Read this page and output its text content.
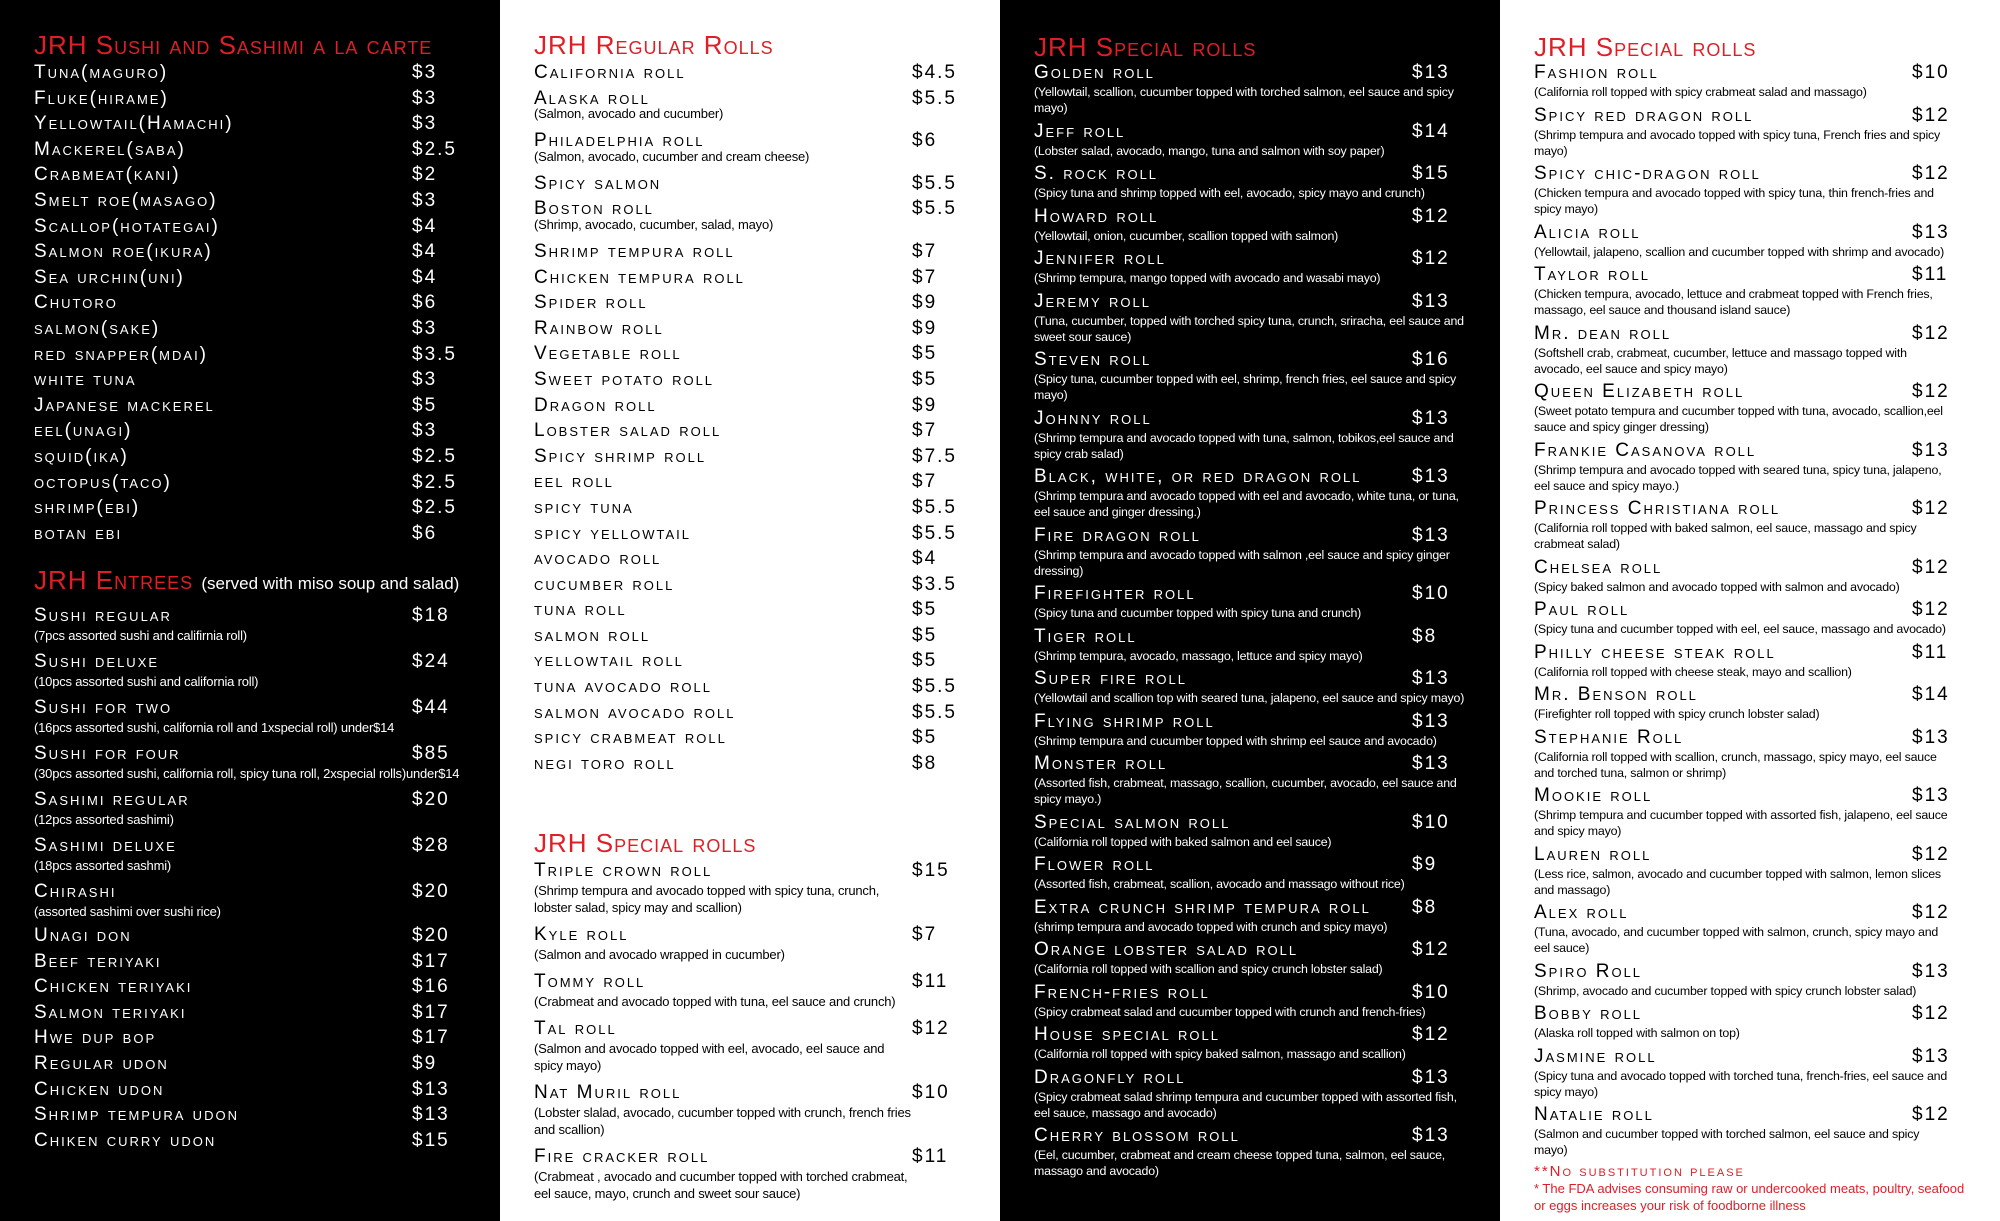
JRH Sushi and Sashimi a la carte
Tuna(maguro)	$3
Fluke(hirame)	$3
Yellowtail(Hamachi)	$3
Mackerel(saba)	$2.5
Crabmeat(kani)	$2
Smelt roe(masago)	$3
Scallop(hotategai)	$4
Salmon roe(ikura)	$4
Sea urchin(uni)	$4
Chutoro	$6
salmon(sake)	$3
red snapper(mdai)	$3.5
white tuna	$3
Japanese mackerel	$5
eel(unagi)	$3
squid(ika)	$2.5
octopus(taco)	$2.5
shrimp(ebi)	$2.5
botan ebi	$6
JRH Entrees (served with miso soup and salad)
Sushi regular	$18
(7pcs assorted sushi and califirnia roll)
Sushi deluxe	$24
(10pcs assorted sushi and california roll)
Sushi for two	$44
(16pcs assorted sushi, california roll and 1xspecial roll) under$14
Sushi for four	$85
(30pcs assorted sushi, california roll, spicy tuna roll, 2xspecial rolls)under$14
Sashimi regular	$20
(12pcs assorted sashimi)
Sashimi deluxe	$28
(18pcs assorted sashmi)
Chirashi	$20
(assorted sashimi over sushi rice)
Unagi don	$20
Beef teriyaki	$17
Chicken teriyaki	$16
Salmon teriyaki	$17
Hwe dup bop	$17
Regular udon	$9
Chicken udon	$13
Shrimp tempura udon	$13
Chiken curry udon	$15
JRH Regular Rolls
California roll	$4.5
Alaska roll	$5.5
(Salmon, avocado and cucumber)
Philadelphia roll	$6
(Salmon, avocado, cucumber and cream cheese)
Spicy salmon	$5.5
Boston roll	$5.5
(Shrimp, avocado, cucumber, salad, mayo)
Shrimp tempura roll	$7
Chicken tempura roll	$7
Spider roll	$9
Rainbow roll	$9
Vegetable roll	$5
Sweet potato roll	$5
Dragon roll	$9
Lobster salad roll	$7
Spicy shrimp roll	$7.5
eel roll	$7
spicy tuna	$5.5
spicy yellowtail	$5.5
avocado roll	$4
cucumber roll	$3.5
tuna roll	$5
salmon roll	$5
yellowtail roll	$5
tuna avocado roll	$5.5
salmon avocado roll	$5.5
spicy crabmeat roll	$5
negi toro roll	$8
JRH Special rolls
Triple crown roll	$15
(Shrimp tempura and avocado topped with spicy tuna, crunch, lobster salad, spicy may and scallion)
Kyle roll	$7
(Salmon and avocado wrapped in cucumber)
Tommy roll	$11
(Crabmeat and avocado topped with tuna, eel sauce and crunch)
Tal roll	$12
(Salmon and avocado topped with eel, avocado, eel sauce and spicy mayo)
Nat Muril roll	$10
(Lobster slalad, avocado, cucumber topped with crunch, french fries and scallion)
Fire cracker roll	$11
(Crabmeat , avocado and cucumber topped with torched crabmeat, eel sauce, mayo, crunch and sweet sour sauce)
JRH Special rolls
Golden roll	$13
(Yellowtail, scallion, cucumber topped with torched salmon, eel sauce and spicy mayo)
Jeff roll	$14
(Lobster salad, avocado, mango, tuna and salmon with soy paper)
S. rock roll	$15
(Spicy tuna and shrimp topped with eel, avocado, spicy mayo and crunch)
Howard roll	$12
(Yellowtail, onion, cucumber, scallion topped with salmon)
Jennifer roll	$12
(Shrimp tempura, mango topped with avocado and wasabi mayo)
Jeremy roll	$13
(Tuna, cucumber, topped with torched spicy tuna, crunch, sriracha, eel sauce and sweet sour sauce)
Steven roll	$16
(Spicy tuna, cucumber topped with eel, shrimp, french fries, eel sauce and spicy mayo)
Johnny roll	$13
(Shrimp tempura and avocado topped with tuna, salmon, tobikos,eel sauce and spicy crab salad)
Black, white, or red dragon roll	$13
(Shrimp tempura and avocado topped with eel and avocado, white tuna, or tuna, eel sauce and ginger dressing.)
Fire dragon roll	$13
(Shrimp tempura and avocado topped with salmon ,eel sauce and spicy ginger dressing)
Firefighter roll	$10
(Spicy tuna and cucumber topped with spicy tuna and crunch)
Tiger roll	$8
(Shrimp tempura, avocado, massago, lettuce and spicy mayo)
Super fire roll	$13
(Yellowtail and scallion top with seared tuna, jalapeno, eel sauce and spicy mayo)
Flying shrimp roll	$13
(Shrimp tempura and cucumber topped with shrimp eel sauce and avocado)
Monster roll	$13
(Assorted fish, crabmeat, massago, scallion, cucumber, avocado, eel sauce and spicy mayo.)
Special salmon roll	$10
(California roll topped with baked salmon and eel sauce)
Flower roll	$9
(Assorted fish, crabmeat, scallion, avocado and massago without rice)
Extra crunch shrimp tempura roll $8
(shrimp tempura and avocado topped with crunch and spicy mayo)
Orange lobster salad roll	$12
(California roll topped with scallion and spicy crunch lobster salad)
French-fries roll	$10
(Spicy crabmeat salad and cucumber topped with crunch and french-fries)
House special roll	$12
(California roll topped with spicy baked salmon, massago and scallion)
Dragonfly roll	$13
(Spicy crabmeat salad shrimp tempura and cucumber topped with assorted fish, eel sauce, massago and avocado)
Cherry blossom roll	$13
(Eel, cucumber, crabmeat and cream cheese topped tuna, salmon, eel sauce, massago and avocado)
JRH Special rolls
Fashion roll	$10
(California roll topped with spicy crabmeat salad and massago)
Spicy red dragon roll	$12
(Shrimp tempura and avocado topped with spicy tuna, French fries and spicy mayo)
Spicy chic-dragon roll	$12
(Chicken tempura and avocado topped with spicy tuna, thin french-fries and spicy mayo)
Alicia roll	$13
(Yellowtail, jalapeno, scallion and cucumber topped with shrimp and avocado)
Taylor roll	$11
(Chicken tempura, avocado, lettuce and crabmeat topped with French fries, massago, eel sauce and thousand island sauce)
Mr. dean roll	$12
(Softshell crab, crabmeat, cucumber, lettuce and massago topped with avocado, eel sauce and spicy mayo)
Queen Elizabeth roll	$12
(Sweet potato tempura and cucumber topped with tuna, avocado, scallion,eel sauce and spicy ginger dressing)
Frankie Casanova roll	$13
(Shrimp tempura and avocado topped with seared tuna, spicy tuna, jalapeno, eel sauce and spicy mayo.)
Princess Christiana roll	$12
(California roll topped with baked salmon, eel sauce, massago and spicy crabmeat salad)
Chelsea roll	$12
(Spicy baked salmon and avocado topped with salmon and avocado)
Paul roll	$12
(Spicy tuna and cucumber topped with eel, eel sauce, massago and avocado)
Philly cheese steak roll	$11
(California roll topped with cheese steak, mayo and scallion)
Mr. Benson roll	$14
(Firefighter roll topped with spicy crunch lobster salad)
Stephanie Roll	$13
(California roll topped with scallion, crunch, massago, spicy mayo, eel sauce and torched tuna, salmon or shrimp)
Mookie roll	$13
(Shrimp tempura and cucumber topped with assorted fish, jalapeno, eel sauce and spicy mayo)
Lauren roll	$12
(Less rice, salmon, avocado and cucumber topped with salmon, lemon slices and massago)
Alex roll	$12
(Tuna, avocado, and cucumber topped with salmon, crunch, spicy mayo and eel sauce)
Spiro Roll	$13
(Shrimp, avocado and cucumber topped with spicy crunch lobster salad)
Bobby roll	$12
(Alaska roll topped with salmon on top)
Jasmine roll	$13
(Spicy tuna and avocado topped with torched tuna, french-fries, eel sauce and spicy mayo)
Natalie roll	$12
(Salmon and cucumber topped with torched salmon, eel sauce and spicy mayo)
**No substitution please
* The FDA advises consuming raw or undercooked meats, poultry, seafood or eggs increases your risk of foodborne illness
